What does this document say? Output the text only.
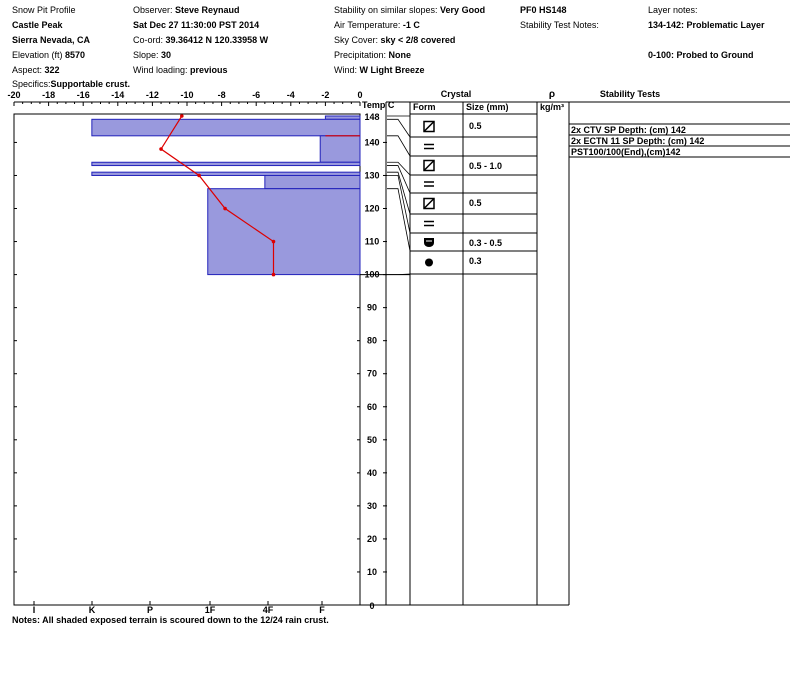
Snow Pit Profile
Castle Peak
Sierra Nevada, CA
Elevation (ft) 8570
Aspect: 322
Observer: Steve Reynaud
Sat Dec 27 11:30:00 PST 2014
Co-ord: 39.36412 N 120.33958 W
Slope: 30
Wind loading: previous
Stability on similar slopes: Very Good
Air Temperature: -1 C
Sky Cover: sky < 2/8 covered
Precipitation: None
Wind: W Light Breeze
PF0 HS148
Stability Test Notes:
Layer notes:
134-142: Problematic Layer
0-100: Probed to Ground
Specifics:Supportable crust.
-20 -18 -16 -14 -12 -10	-8	-6	-4	-2	0
I	K	P	1F	4F	F
Temp C
0
10
20
30
40
50
60
70
80
90
100
110
120
130
140
148
Crystal
Form	Size (mm)
ρ
kg/m³
Stability Tests
0.5
0.5 - 1.0
0.5
0.3 - 0.5
0.3
2x CTV SP Depth: (cm) 142
2x ECTN 11 SP Depth: (cm) 142
PST100/100(End),(cm)142
Notes: All shaded exposed terrain is scoured down to the 12/24 rain crust.
